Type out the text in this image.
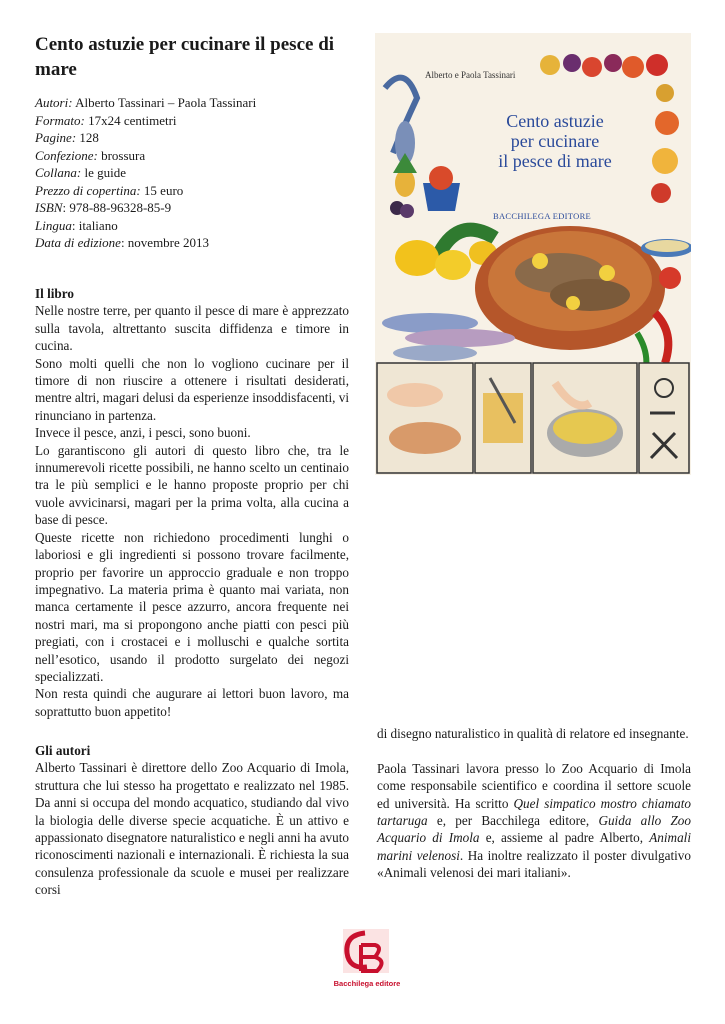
Cento astuzie per cucinare il pesce di mare
Autori: Alberto Tassinari – Paola Tassinari
Formato: 17x24 centimetri
Pagine: 128
Confezione: brossura
Collana: le guide
Prezzo di copertina: 15 euro
ISBN: 978-88-96328-85-9
Lingua: italiano
Data di edizione: novembre 2013
Il libro

Nelle nostre terre, per quanto il pesce di mare è apprezzato sulla tavola, altrettanto suscita diffidenza e timore in cucina.

Sono molti quelli che non lo vogliono cucinare per il timore di non riuscire a ottenere i risultati desiderati, mentre altri, magari delusi da esperienze insoddisfacenti, vi rinunciano in partenza.

Invece il pesce, anzi, i pesci, sono buoni.

Lo garantiscono gli autori di questo libro che, tra le innumerevoli ricette possibili, ne hanno scelto un centinaio tra le più semplici e le hanno proposte proprio per chi vuole avvicinarsi, magari per la prima volta, alla cucina a base di pesce.

Queste ricette non richiedono procedimenti lunghi o laboriosi e gli ingredienti si possono trovare facilmente, proprio per favorire un approccio graduale e non troppo impegnativo. La materia prima è quanto mai variata, non manca certamente il pesce azzurro, ancora frequente nei nostri mari, ma si propongono anche piatti con pesci più pregiati, con i crostacei e i molluschi e qualche sortita nell’esotico, usando il prodotto surgelato dei negozi specializzati.

Non resta quindi che augurare ai lettori buon lavoro, ma soprattutto buon appetito!

Gli autori

Alberto Tassinari è direttore dello Zoo Acquario di Imola, struttura che lui stesso ha progettato e realizzato nel 1985. Da anni si occupa del mondo acquatico, studiando dal vivo la biologia delle diverse specie acquatiche. È un attivo e appassionato disegnatore naturalistico e negli anni ha avuto riconoscimenti nazionali e internazionali. È richiesta la sua consulenza professionale da scuole e musei per realizzare corsi

di disegno naturalistico in qualità di relatore ed insegnante.

Paola Tassinari lavora presso lo Zoo Acquario di Imola come responsabile scientifico e coordina il settore scuole ed università. Ha scritto Quel simpatico mostro chiamato tartaruga e, per Bacchilega editore, Guida allo Zoo Acquario di Imola e, assieme al padre Alberto, Animali marini velenosi. Ha inoltre realizzato il poster divulgativo «Animali velenosi dei mari italiani».

Alberto e Paola Tassinari
Cento astuzie
per cucinare
il pesce di mare
BACCHILEGA EDITORE
Bacchilega editore
